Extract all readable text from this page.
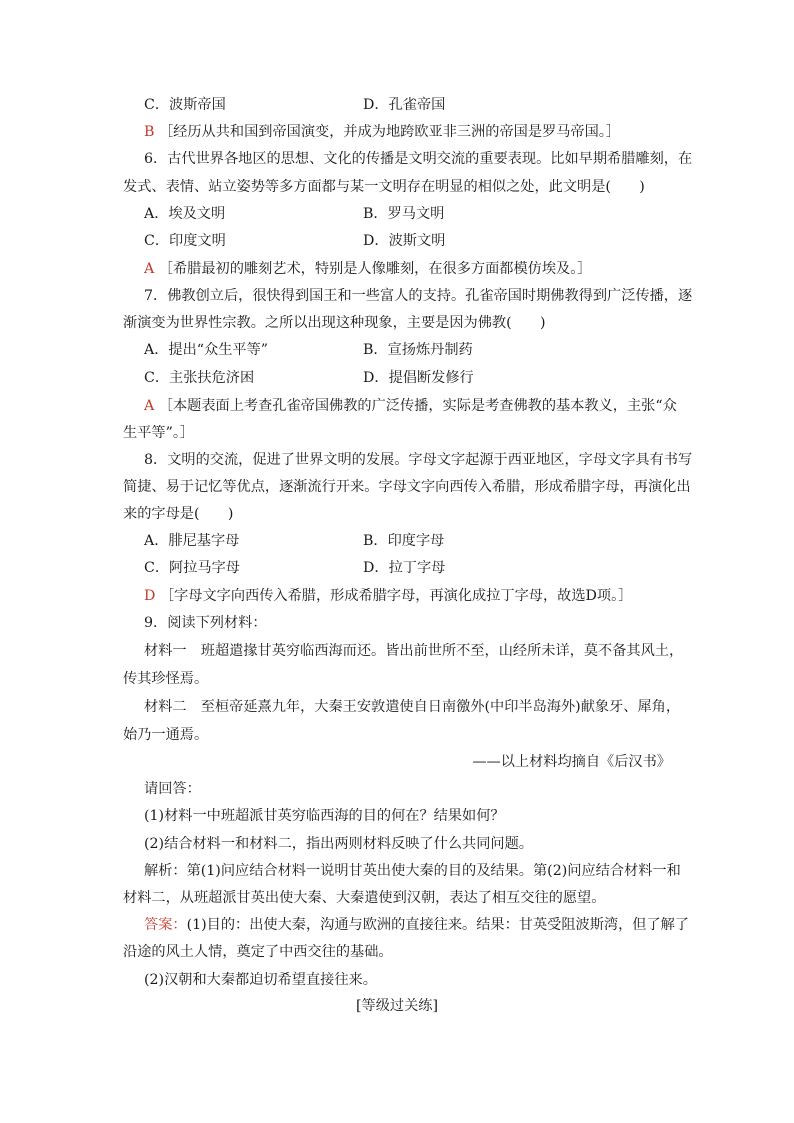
C．波斯帝国	D．孔雀帝国
B ［经历从共和国到帝国演变，并成为地跨欧亚非三洲的帝国是罗马帝国。］
6．古代世界各地区的思想、文化的传播是文明交流的重要表现。比如早期希腊雕刻，在
发式、表情、站立姿势等多方面都与某一文明存在明显的相似之处，此文明是(　　)
A．埃及文明	B．罗马文明
C．印度文明	D．波斯文明
A ［希腊最初的雕刻艺术，特别是人像雕刻，在很多方面都模仿埃及。］
7．佛教创立后，很快得到国王和一些富人的支持。孔雀帝国时期佛教得到广泛传播，逐
渐演变为世界性宗教。之所以出现这种现象，主要是因为佛教(　　)
A．提出“众生平等”	B．宣扬炼丹制药
C．主张扶危济困	D．提倡断发修行
A ［本题表面上考查孔雀帝国佛教的广泛传播，实际是考查佛教的基本教义，主张“众
生平等”。］
8．文明的交流，促进了世界文明的发展。字母文字起源于西亚地区，字母文字具有书写
简捷、易于记忆等优点，逐渐流行开来。字母文字向西传入希腊，形成希腊字母，再演化出
来的字母是(　　)
A．腓尼基字母	B．印度字母
C．阿拉马字母	D．拉丁字母
D ［字母文字向西传入希腊，形成希腊字母，再演化成拉丁字母，故选D项。］
9．阅读下列材料：
材料一　班超遣掾甘英穷临西海而还。皆出前世所不至，山经所未详，莫不备其风土，
传其珍怪焉。
材料二　至桓帝延熹九年，大秦王安敦遣使自日南徼外(中印半岛海外)献象牙、犀角，
始乃一通焉。
——以上材料均摘自《后汉书》
请回答：
(1)材料一中班超派甘英穷临西海的目的何在？结果如何？
(2)结合材料一和材料二，指出两则材料反映了什么共同问题。
解析：第(1)问应结合材料一说明甘英出使大秦的目的及结果。第(2)问应结合材料一和
材料二，从班超派甘英出使大秦、大秦遣使到汉朝，表达了相互交往的愿望。
答案：(1)目的：出使大秦，沟通与欧洲的直接往来。结果：甘英受阻波斯湾，但了解了
沿途的风土人情，奠定了中西交往的基础。
(2)汉朝和大秦都迫切希望直接往来。
[等级过关练]
